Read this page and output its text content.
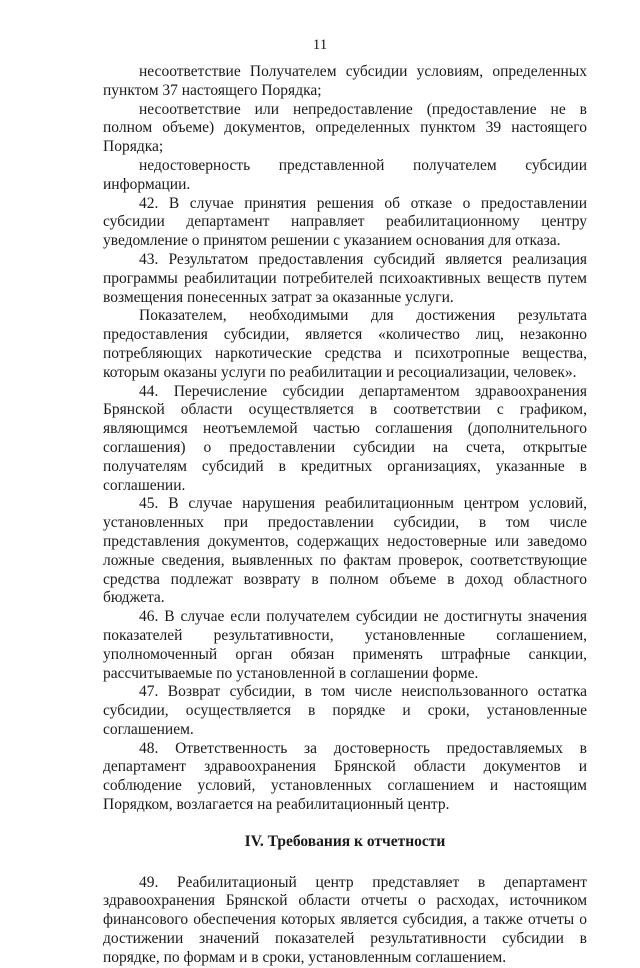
11

несоответствие Получателем субсидии условиям, определенных пунктом 37 настоящего Порядка;

несоответствие или непредоставление (предоставление не в полном объеме) документов, определенных пунктом 39 настоящего Порядка;

недостоверность представленной получателем субсидии информации.

42. В случае принятия решения об отказе о предоставлении субсидии департамент направляет реабилитационному центру уведомление о принятом решении с указанием основания для отказа.

43. Результатом предоставления субсидий является реализация программы реабилитации потребителей психоактивных веществ путем возмещения понесенных затрат за оказанные услуги.

Показателем, необходимыми для достижения результата предоставления субсидии, является «количество лиц, незаконно потребляющих наркотические средства и психотропные вещества, которым оказаны услуги по реабилитации и ресоциализации, человек».

44. Перечисление субсидии департаментом здравоохранения Брянской области осуществляется в соответствии с графиком, являющимся неотъемлемой частью соглашения (дополнительного соглашения) о предоставлении субсидии на счета, открытые получателям субсидий в кредитных организациях, указанные в соглашении.

45. В случае нарушения реабилитационным центром условий, установленных при предоставлении субсидии, в том числе представления документов, содержащих недостоверные или заведомо ложные сведения, выявленных по фактам проверок, соответствующие средства подлежат возврату в полном объеме в доход областного бюджета.

46. В случае если получателем субсидии не достигнуты значения показателей результативности, установленные соглашением, уполномоченный орган обязан применять штрафные санкции, рассчитываемые по установленной в соглашении форме.

47. Возврат субсидии, в том числе неиспользованного остатка субсидии, осуществляется в порядке и сроки, установленные соглашением.

48. Ответственность за достоверность предоставляемых в департамент здравоохранения Брянской области документов и соблюдение условий, установленных соглашением и настоящим Порядком, возлагается на реабилитационный центр.

IV. Требования к отчетности

49. Реабилитационый центр представляет в департамент здравоохранения Брянской области отчеты о расходах, источником финансового обеспечения которых является субсидия, а также отчеты о достижении значений показателей результативности субсидии в порядке, по формам и в сроки, установленным соглашением.
